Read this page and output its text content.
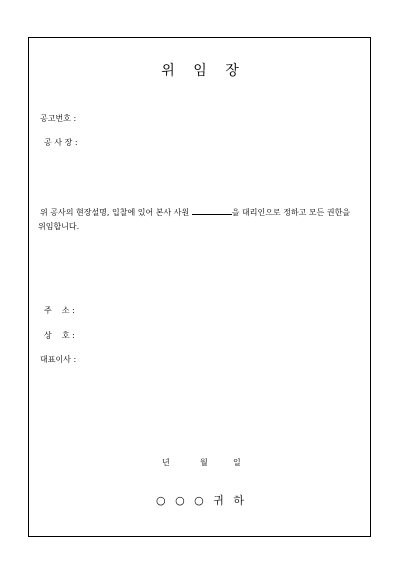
위 임 장
공고번호 :
공 사 장 :
위 공사의 현장설명, 입찰에 있어 본사 사원	을 대리인으로 정하고 모든 권한을
위임합니다.
주    소 :
상    호 :
대표이사 :
년	월	일
○ ○ ○ 귀 하
